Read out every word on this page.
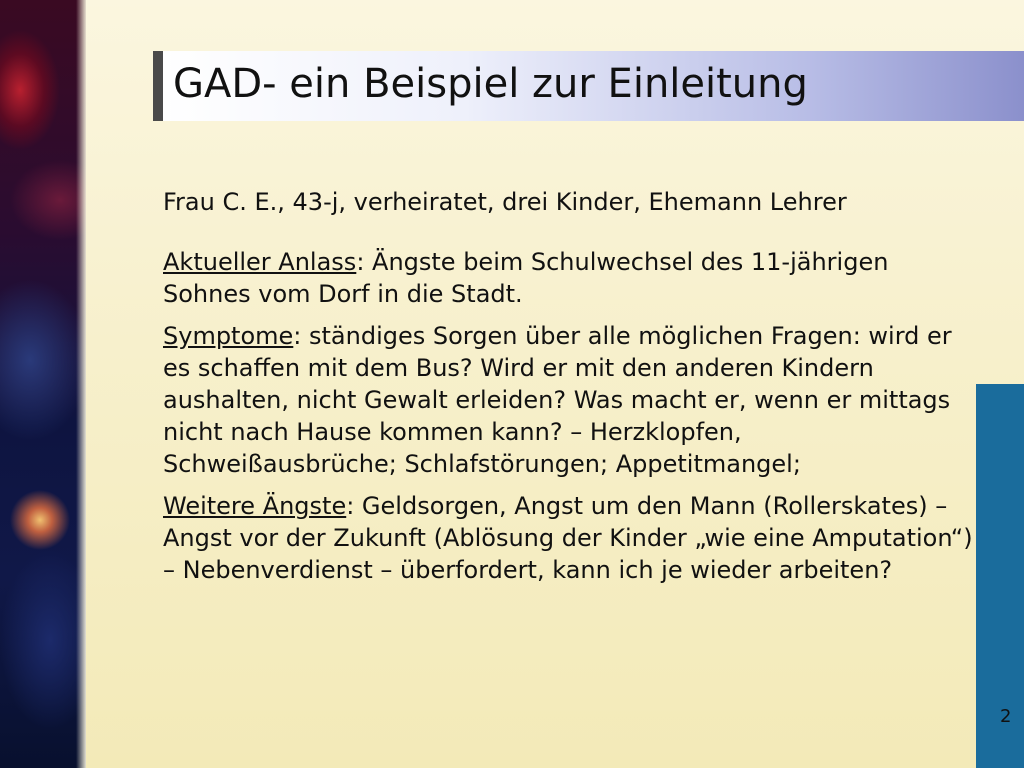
GAD- ein Beispiel zur Einleitung

Frau C. E., 43-j, verheiratet, drei Kinder, Ehemann Lehrer

Aktueller Anlass: Ängste beim Schulwechsel des 11-jährigen Sohnes vom Dorf in die Stadt.

Symptome: ständiges Sorgen über alle möglichen Fragen: wird er es schaffen mit dem Bus? Wird er mit den anderen Kindern aushalten, nicht Gewalt erleiden? Was macht er, wenn er mittags nicht nach Hause kommen kann? – Herzklopfen, Schweißausbrüche; Schlafstörungen; Appetitmangel;

Weitere Ängste: Geldsorgen, Angst um den Mann (Rollerskates) – Angst vor der Zukunft (Ablösung der Kinder „wie eine Amputation“) – Nebenverdienst – überfordert, kann ich je wieder arbeiten?

2
